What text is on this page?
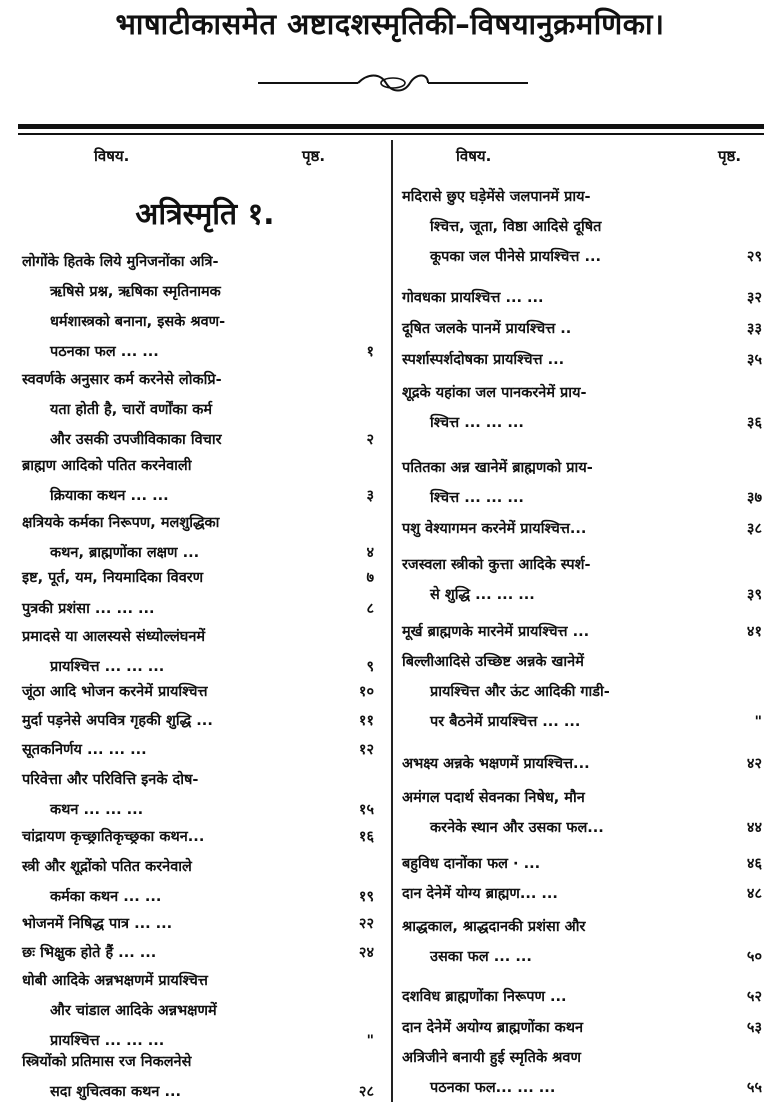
भाषाटीकासमेत अष्टादशस्मृतिकी–विषयानुक्रमणिका।
विषय.	पृष्ठ.	विषय.	पृष्ठ.
अत्रिस्मृति १.
लोगोंके हितके लिये मुनिजनोंका अत्रि-
ऋषिसे प्रश्न, ऋषिका स्मृतिनामक
धर्मशास्त्रको बनाना, इसके श्रवण-
पठनका फल ... ...	१
स्ववर्णके अनुसार कर्म करनेसे लोकप्रि-
यता होती है, चारों वर्णोंका कर्म
और उसकी उपजीविकाका विचार	२
ब्राह्मण आदिको पतित करनेवाली
क्रियाका कथन ... ...	३
क्षत्रियके कर्मका निरूपण, मलशुद्धिका
कथन, ब्राह्मणोंका लक्षण ...	४
इष्ट, पूर्त, यम, नियमादिका विवरण	७
पुत्रकी प्रशंसा ... ... ...	८
प्रमादसे या आलस्यसे संध्योल्लंघनमें
प्रायश्चित्त ... ... ...	९
जूंठा आदि भोजन करनेमें प्रायश्चित्त	१०
मुर्दा पड़नेसे अपवित्र गृहकी शुद्धि ...	११
सूतकनिर्णय ... ... ...	१२
परिवेत्ता और परिवित्ति इनके दोष-
कथन ... ... ...	१५
चांद्रायण कृच्छ्रातिकृच्छ्रका कथन...	१६
स्त्री और शूद्रोंको पतित करनेवाले
कर्मका कथन ... ...	१९
भोजनमें निषिद्ध पात्र ... ...	२२
छः भिक्षुक होते हैं ... ...	२४
धोबी आदिके अन्नभक्षणमें प्रायश्चित्त
और चांडाल आदिके अन्नभक्षणमें
प्रायश्चित्त ... ... ...	"
स्त्रियोंको प्रतिमास रज निकलनेसे
सदा शुचित्वका कथन ...	२८
मदिरासे छुए घड़ेमेंसे जलपानमें प्राय-
श्चित्त, जूता, विष्ठा आदिसे दूषित
कूपका जल पीनेसे प्रायश्चित्त ...	२९
गोवधका प्रायश्चित्त ... ...	३२
दूषित जलके पानमें प्रायश्चित्त ..	३३
स्पर्शास्पर्शदोषका प्रायश्चित्त ...	३५
शूद्रके यहांका जल पानकरनेमें प्राय-
श्चित्त ... ... ...	३६
पतितका अन्न खानेमें ब्राह्मणको प्राय-
श्चित्त ... ... ...	३७
पशु वेश्यागमन करनेमें प्रायश्चित्त...	३८
रजस्वला स्त्रीको कुत्ता आदिके स्पर्श-
से शुद्धि ... ... ...	३९
मूर्ख ब्राह्मणके मारनेमें प्रायश्चित्त ...	४१
बिल्लीआदिसे उच्छिष्ट अन्नके खानेमें
प्रायश्चित्त और ऊंट आदिकी गाडी-
पर बैठनेमें प्रायश्चित्त ... ...	"
अभक्ष्य अन्नके भक्षणमें प्रायश्चित्त...	४२
अमंगल पदार्थ सेवनका निषेध, मौन
करनेके स्थान और उसका फल...	४४
बहुविध दानोंका फल · ...	४६
दान देनेमें योग्य ब्राह्मण... ...	४८
श्राद्धकाल, श्राद्धदानकी प्रशंसा और
उसका फल ... ...	५०
दशविध ब्राह्मणोंका निरूपण ...	५२
दान देनेमें अयोग्य ब्राह्मणोंका कथन	५३
अत्रिजीने बनायी हुई स्मृतिके श्रवण
पठनका फल... ... ...	५५
